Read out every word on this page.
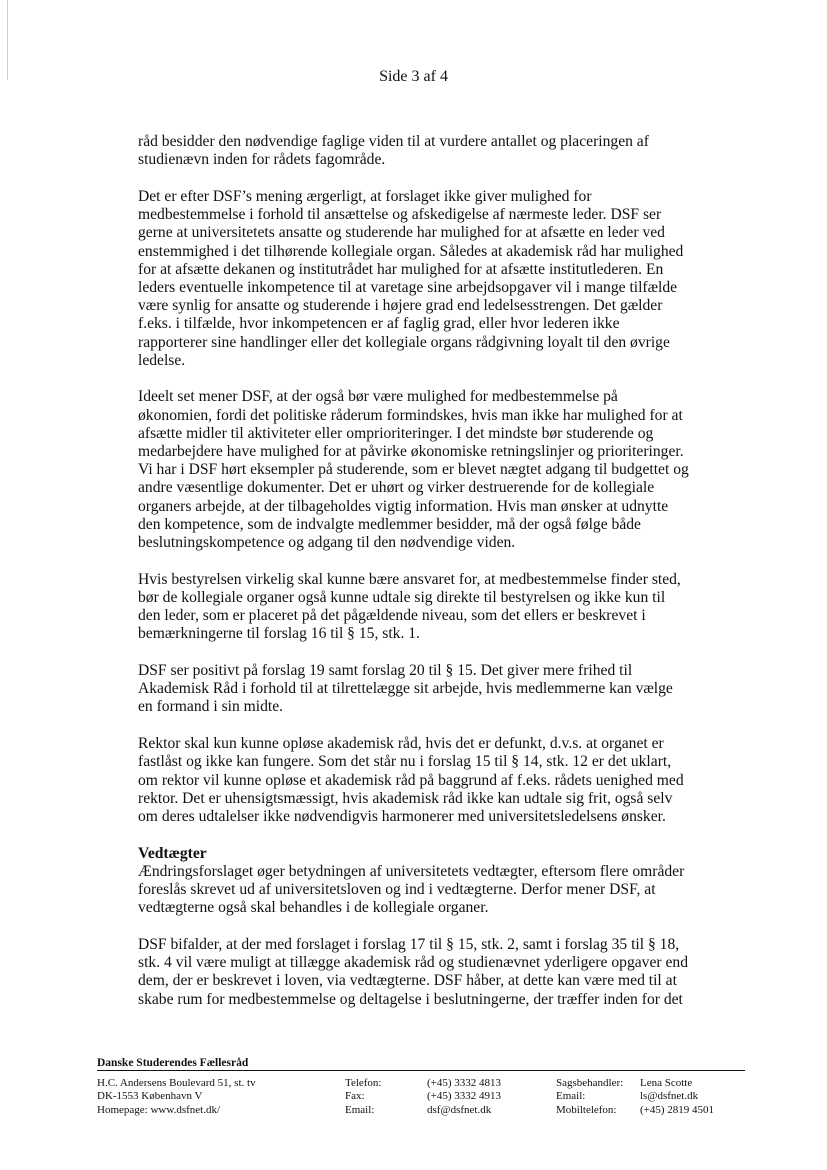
Side 3 af 4
råd besidder den nødvendige faglige viden til at vurdere antallet og placeringen af
studienævn inden for rådets fagområde.
Det er efter DSF’s mening ærgerligt, at forslaget ikke giver mulighed for
medbestemmelse i forhold til ansættelse og afskedigelse af nærmeste leder. DSF ser
gerne at universitetets ansatte og studerende har mulighed for at afsætte en leder ved
enstemmighed i det tilhørende kollegiale organ. Således at akademisk råd har mulighed
for at afsætte dekanen og institutrådet har mulighed for at afsætte institutlederen. En
leders eventuelle inkompetence til at varetage sine arbejdsopgaver vil i mange tilfælde
være synlig for ansatte og studerende i højere grad end ledelsesstrengen. Det gælder
f.eks. i tilfælde, hvor inkompetencen er af faglig grad, eller hvor lederen ikke
rapporterer sine handlinger eller det kollegiale organs rådgivning loyalt til den øvrige
ledelse.
Ideelt set mener DSF, at der også bør være mulighed for medbestemmelse på
økonomien, fordi det politiske råderum formindskes, hvis man ikke har mulighed for at
afsætte midler til aktiviteter eller omprioriteringer. I det mindste bør studerende og
medarbejdere have mulighed for at påvirke økonomiske retningslinjer og prioriteringer.
Vi har i DSF hørt eksempler på studerende, som er blevet nægtet adgang til budgettet og
andre væsentlige dokumenter. Det er uhørt og virker destruerende for de kollegiale
organers arbejde, at der tilbageholdes vigtig information. Hvis man ønsker at udnytte
den kompetence, som de indvalgte medlemmer besidder, må der også følge både
beslutningskompetence og adgang til den nødvendige viden.
Hvis bestyrelsen virkelig skal kunne bære ansvaret for, at medbestemmelse finder sted,
bør de kollegiale organer også kunne udtale sig direkte til bestyrelsen og ikke kun til
den leder, som er placeret på det pågældende niveau, som det ellers er beskrevet i
bemærkningerne til forslag 16 til § 15, stk. 1.
DSF ser positivt på forslag 19 samt forslag 20 til § 15. Det giver mere frihed til
Akademisk Råd i forhold til at tilrettelægge sit arbejde, hvis medlemmerne kan vælge
en formand i sin midte.
Rektor skal kun kunne opløse akademisk råd, hvis det er defunkt, d.v.s. at organet er
fastlåst og ikke kan fungere. Som det står nu i forslag 15 til § 14, stk. 12 er det uklart,
om rektor vil kunne opløse et akademisk råd på baggrund af f.eks. rådets uenighed med
rektor. Det er uhensigtsmæssigt, hvis akademisk råd ikke kan udtale sig frit, også selv
om deres udtalelser ikke nødvendigvis harmonerer med universitetsledelsens ønsker.
Vedtægter
Ændringsforslaget øger betydningen af universitetets vedtægter, eftersom flere områder
foreslås skrevet ud af universitetsloven og ind i vedtægterne. Derfor mener DSF, at
vedtægterne også skal behandles i de kollegiale organer.
DSF bifalder, at der med forslaget i forslag 17 til § 15, stk. 2, samt i forslag 35 til § 18,
stk. 4 vil være muligt at tillægge akademisk råd og studienævnet yderligere opgaver end
dem, der er beskrevet i loven, via vedtægterne. DSF håber, at dette kan være med til at
skabe rum for medbestemmelse og deltagelse i beslutningerne, der træffer inden for det
Danske Studerendes Fællesråd
H.C. Andersens Boulevard 51, st. tv
DK-1553 København V
Homepage: www.dsfnet.dk/
Telefon:
Fax:
Email:
(+45) 3332 4813
(+45) 3332 4913
dsf@dsfnet.dk
Sagsbehandler:
Email:
Mobiltelefon:
Lena Scotte
ls@dsfnet.dk
(+45) 2819 4501
